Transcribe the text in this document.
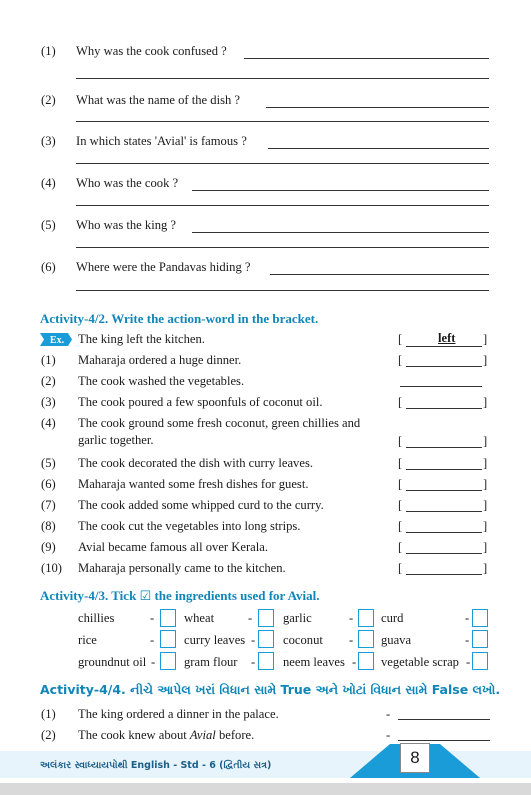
(1) Why was the cook confused ?
(2) What was the name of the dish ?
(3) In which states 'Avial' is famous ?
(4) Who was the cook ?
(5) Who was the king ?
(6) Where were the Pandavas hiding ?
Activity-4/2. Write the action-word in the bracket.
Ex. The king left the kitchen.	[	left ]
(1) Maharaja ordered a huge dinner.	[	]
(2) The cook washed the vegetables.
(3) The cook poured a few spoonfuls of coconut oil.	[	]
(4) The cook ground some fresh coconut, green chillies and
garlic together.	[	]
(5) The cook decorated the dish with curry leaves.	[	]
(6) Maharaja wanted some fresh dishes for guest.	[	]
(7) The cook added some whipped curd to the curry.	[	]
(8) The cook cut the vegetables into long strips.	[	]
(9) Avial became famous all over Kerala.	[	]
(10) Maharaja personally came to the kitchen.	[	]
Activity-4/3. Tick ☑ the ingredients used for Avial.
chillies	- wheat	- garlic	- curd	-
rice	- curry leaves - coconut - guava	-
groundnut oil - gram flour - neem leaves - vegetable scrap -
Activity-4/4. નીચે આપેલ ખરાં વિધાન સામે True અને ખોટાં વિધાન સામે False લખો.
(1) The king ordered a dinner in the palace.	-
(2) The cook knew about Avial before.	-
અલંકાર સ્વાધ્યાયપોથી English - Std - 6 (દ્વિતીય સત્ર)	8
